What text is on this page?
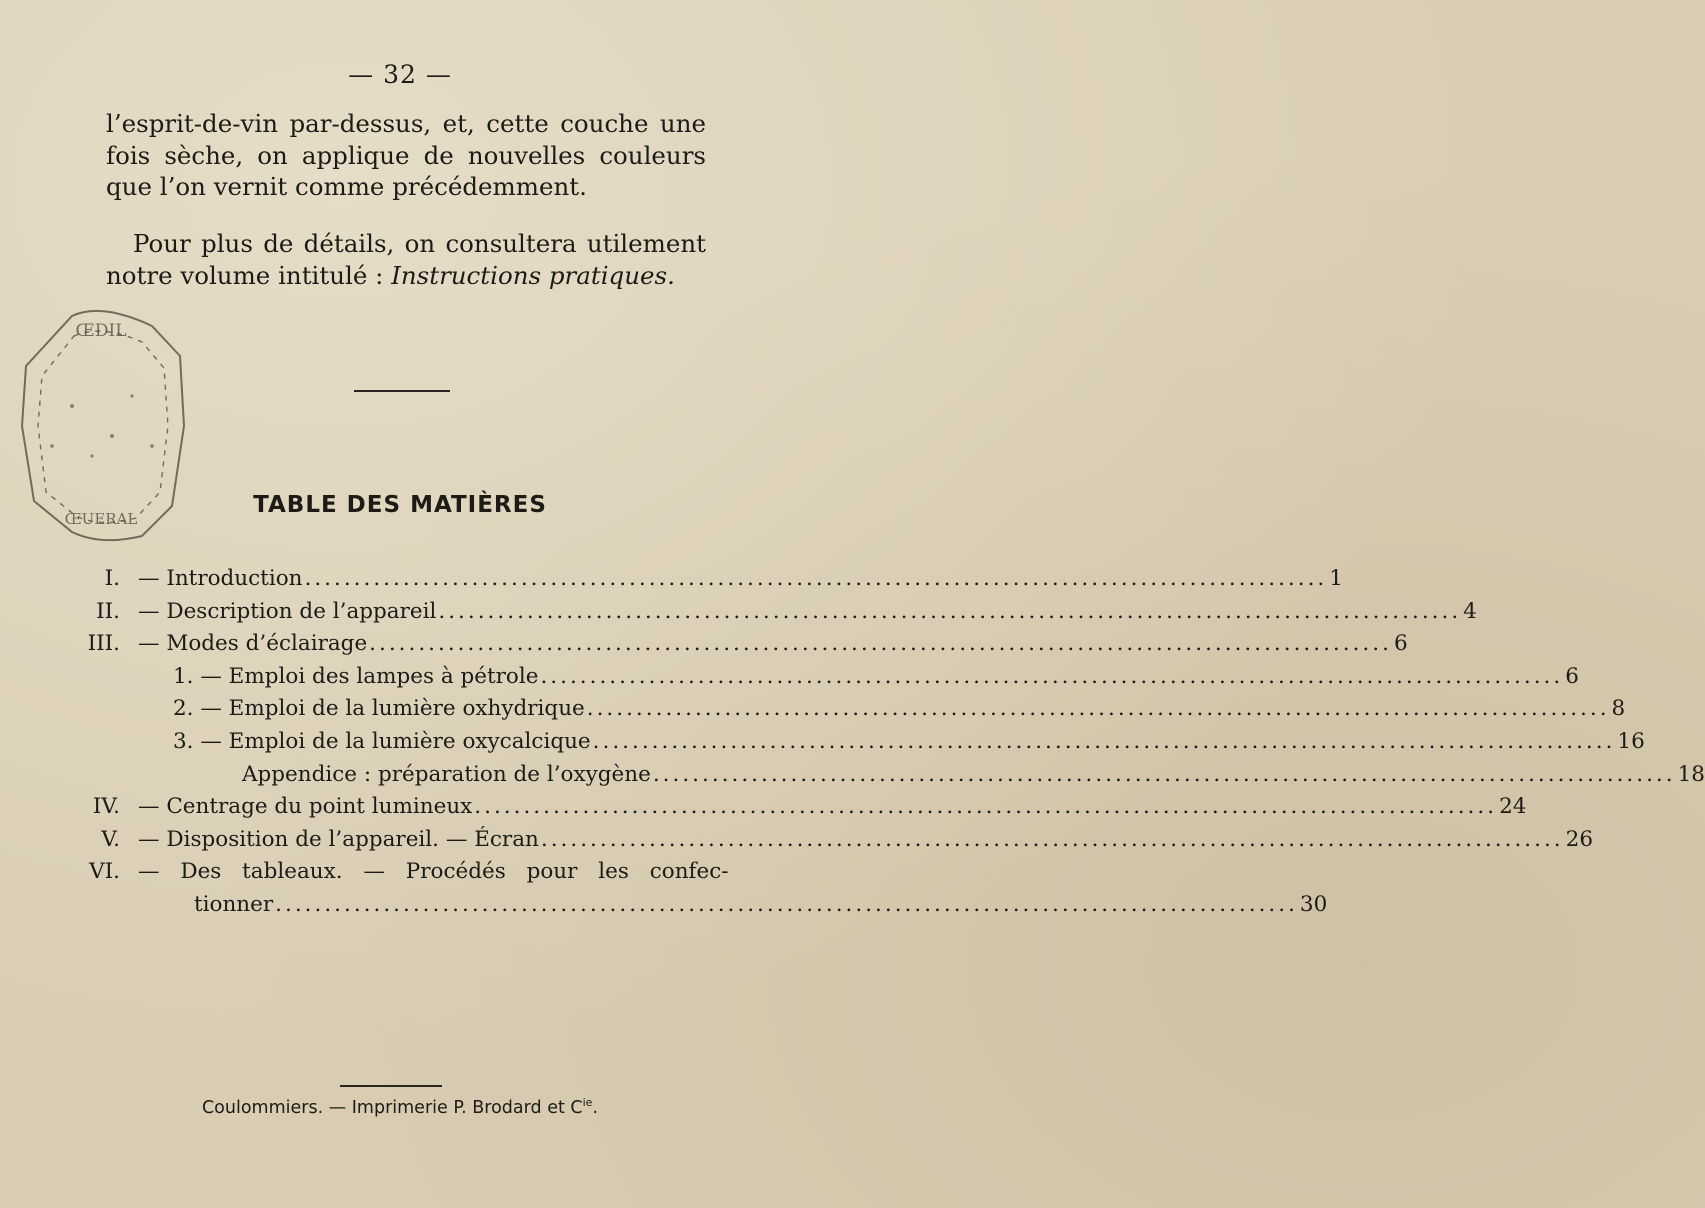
— 32 —
l’esprit-de-vin par-dessus, et, cette couche une fois sèche, on applique de nouvelles couleurs que l’on vernit comme précédemment.
Pour plus de détails, on consultera utilement notre volume intitulé : Instructions pratiques.
ŒDIL
ŒUERAL
TABLE DES MATIÈRES
I. — Introduction ........................................................................................................ 1
II. — Description de l’appareil ........................................................................................................ 4
III. — Modes d’éclairage ........................................................................................................ 6
1. — Emploi des lampes à pétrole ........................................................................................................ 6
2. — Emploi de la lumière oxhydrique ........................................................................................................ 8
3. — Emploi de la lumière oxycalcique ........................................................................................................ 16
Appendice : préparation de l’oxygène ........................................................................................................ 18
IV. — Centrage du point lumineux ........................................................................................................ 24
V. — Disposition de l’appareil. — Écran ........................................................................................................ 26
VI. — Des tableaux. — Procédés pour les confec-
tionner ........................................................................................................ 30
Coulommiers. — Imprimerie P. Brodard et $C^{ie}$.
